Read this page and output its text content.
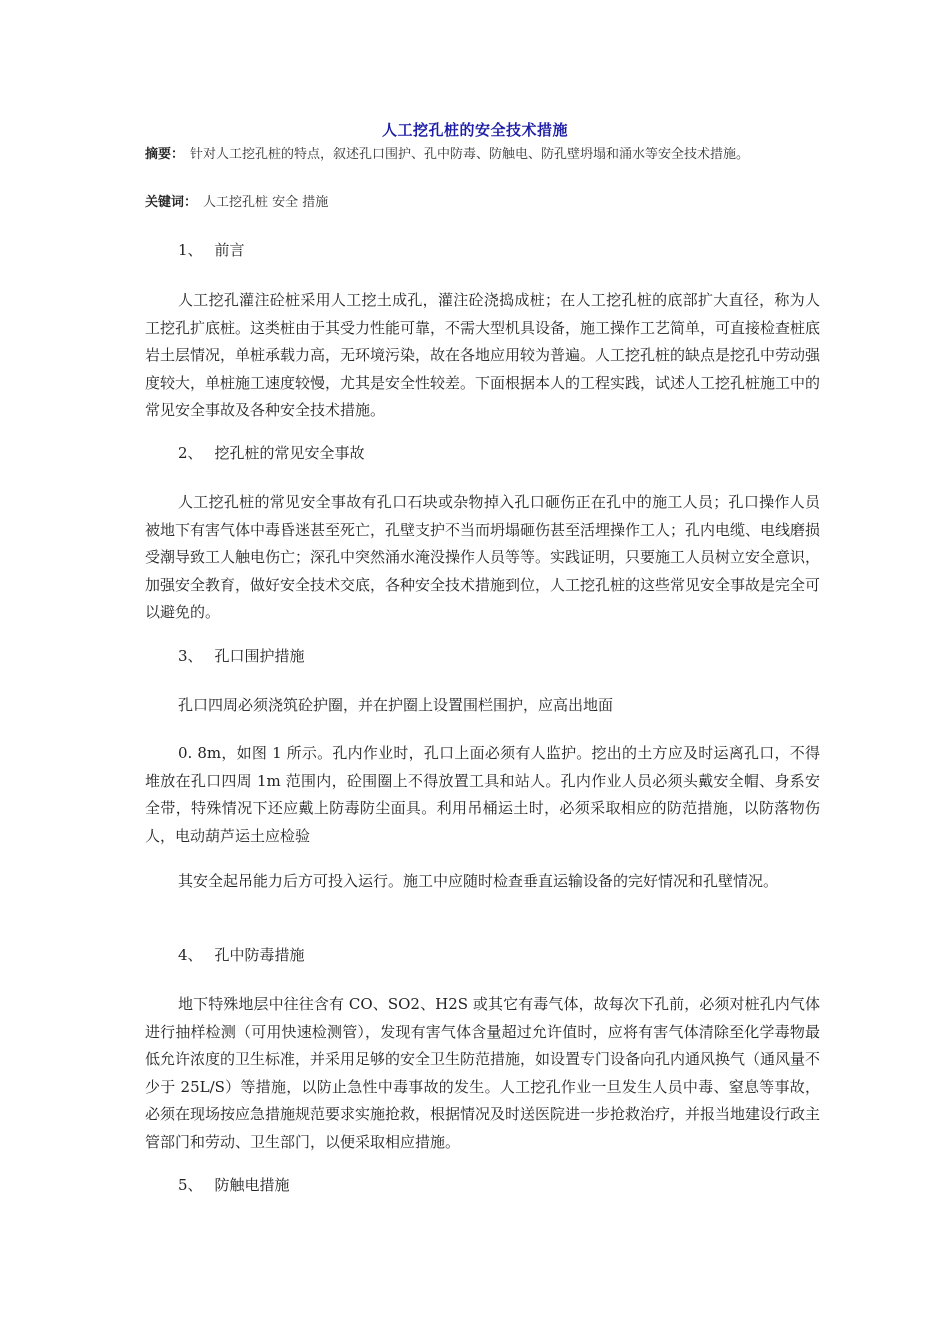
人工挖孔桩的安全技术措施
摘要： 针对人工挖孔桩的特点，叙述孔口围护、孔中防毒、防触电、防孔壁坍塌和涌水等安全技术措施。
关键词： 人工挖孔桩 安全 措施
1、 前言
人工挖孔灌注砼桩采用人工挖土成孔，灌注砼浇捣成桩；在人工挖孔桩的底部扩大直径，称为人工挖孔扩底桩。这类桩由于其受力性能可靠，不需大型机具设备，施工操作工艺简单，可直接检查桩底岩土层情况，单桩承载力高，无环境污染，故在各地应用较为普遍。人工挖孔桩的缺点是挖孔中劳动强度较大，单桩施工速度较慢，尤其是安全性较差。下面根据本人的工程实践，试述人工挖孔桩施工中的常见安全事故及各种安全技术措施。
2、 挖孔桩的常见安全事故
人工挖孔桩的常见安全事故有孔口石块或杂物掉入孔口砸伤正在孔中的施工人员；孔口操作人员被地下有害气体中毒昏迷甚至死亡，孔壁支护不当而坍塌砸伤甚至活埋操作工人；孔内电缆、电线磨损受潮导致工人触电伤亡；深孔中突然涌水淹没操作人员等等。实践证明，只要施工人员树立安全意识，加强安全教育，做好安全技术交底，各种安全技术措施到位，人工挖孔桩的这些常见安全事故是完全可以避免的。
3、 孔口围护措施
孔口四周必须浇筑砼护圈，并在护圈上设置围栏围护，应高出地面
0. 8m，如图 1 所示。孔内作业时，孔口上面必须有人监护。挖出的土方应及时运离孔口，不得堆放在孔口四周 1m 范围内，砼围圈上不得放置工具和站人。孔内作业人员必须头戴安全帽、身系安全带，特殊情况下还应戴上防毒防尘面具。利用吊桶运土时，必须采取相应的防范措施，以防落物伤人，电动葫芦运土应检验
其安全起吊能力后方可投入运行。施工中应随时检查垂直运输设备的完好情况和孔壁情况。
4、 孔中防毒措施
地下特殊地层中往往含有 CO、SO2、H2S 或其它有毒气体，故每次下孔前，必须对桩孔内气体进行抽样检测（可用快速检测管），发现有害气体含量超过允许值时，应将有害气体清除至化学毒物最低允许浓度的卫生标准，并采用足够的安全卫生防范措施，如设置专门设备向孔内通风换气（通风量不少于 25L/S）等措施，以防止急性中毒事故的发生。人工挖孔作业一旦发生人员中毒、窒息等事故，必须在现场按应急措施规范要求实施抢救，根据情况及时送医院进一步抢救治疗，并报当地建设行政主管部门和劳动、卫生部门，以便采取相应措施。
5、 防触电措施
